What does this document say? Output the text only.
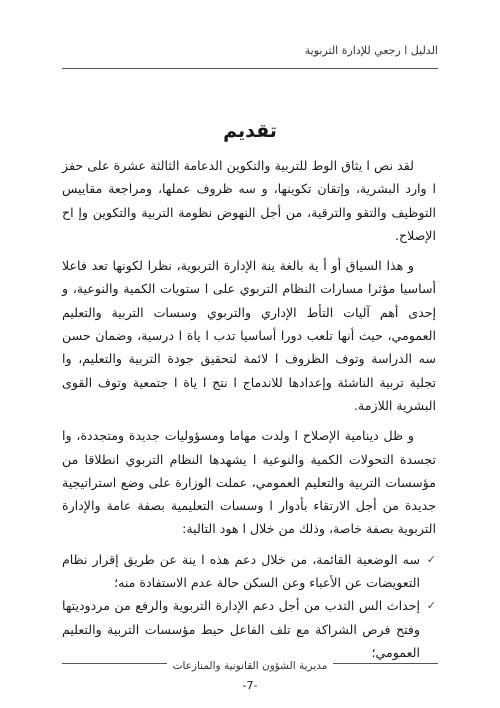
الدليل ا رجعي للإدارة التربوية
تقديم

لقد نص ا يثاق الوط للتربية والتكوين الدعامة الثالثة عشرة على حفز ا وارد البشرية، وإتقان تكوينها، و سه ظروف عملها، ومراجعة مقاييس التوظيف والتقو والترقية، من أجل النهوض نظومة التربية والتكوين وإ اح الإصلاح.

و هذا السياق أو أ ية بالغة ينة الإدارة التربوية، نظرا لكونها تعد فاعلا أساسيا مؤثرا مسارات النظام التربوي على ا ستويات الكمية والنوعية، و إحدى أهم آليات التأط الإداري والتربوي وسسات التربية والتعليم العمومي، حيث أنها تلعب دورا أساسيا تدب ا ياة ا درسية، وضمان حسن سه الدراسة وتوف الظروف ا لائمة لتحقيق جودة التربية والتعليم، وا تجلية تربية الناشئة وإعدادها للاندماج ا نتج ا ياة ا جتمعية وتوف القوى البشرية اللازمة.

و ظل دينامية الإصلاح ا ولدت مهاما ومسؤوليات جديدة ومتجددة، وا تجسدة التحولات الكمية والنوعية ا يشهدها النظام التربوي انطلاقا من مؤسسات التربية والتعليم العمومي، عملت الوزارة على وضع استراتيجية جديدة من أجل الارتقاء بأدوار ا وسسات التعليمية بصفة عامة والإدارة التربوية بصفة خاصة، وذلك من خلال ا هود التالية:

✓
سه الوضعية القائمة، من خلال دعم هذه ا ينة عن طريق إقرار نظام التعويضات عن الأعباء وعن السكن حالة عدم الاستفادة منه؛
✓
إحداث الس التدب من أجل دعم الإدارة التربوية والرفع من مردوديتها وفتح فرص الشراكة مع تلف الفاعل حيط مؤسسات التربية والتعليم العمومي؛
مديرية الشؤون القانونية والمنازعات
-7-
